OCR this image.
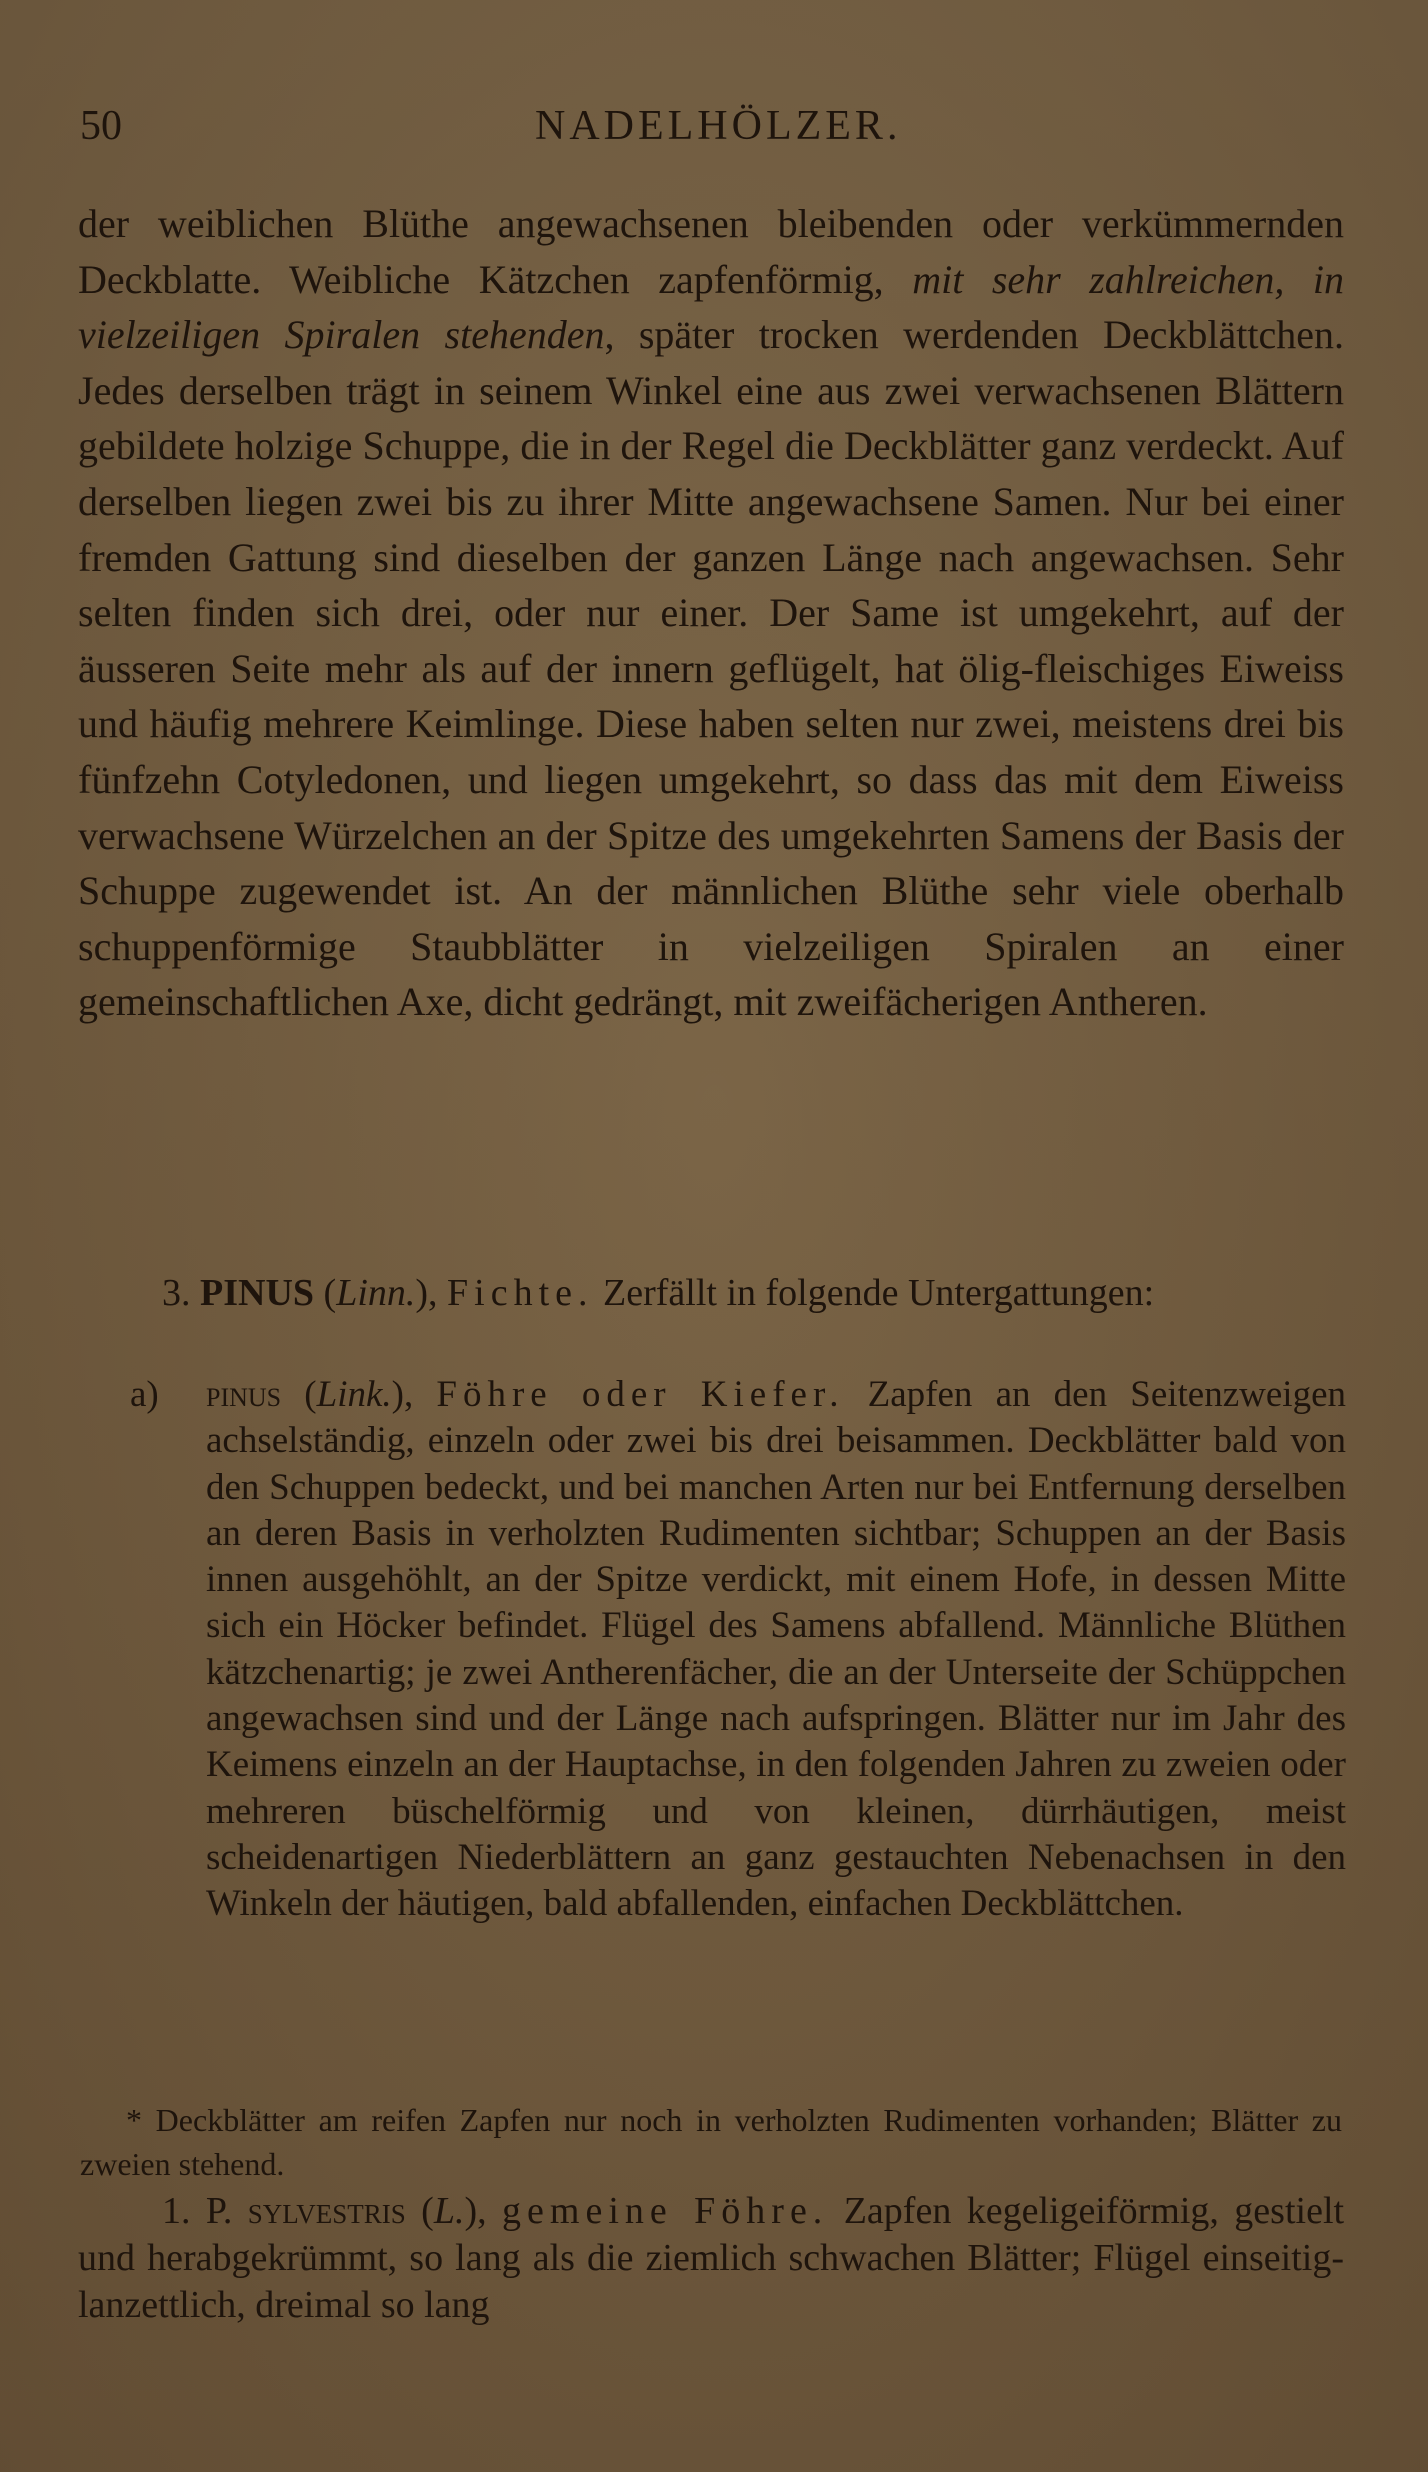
50	NADELHÖLZER.

der weiblichen Blüthe angewachsenen bleibenden oder verkümmernden Deckblatte. Weibliche Kätzchen zapfenförmig, mit sehr zahlreichen, in vielzeiligen Spiralen stehenden, später trocken werdenden Deckblättchen. Jedes derselben trägt in seinem Winkel eine aus zwei verwachsenen Blättern gebildete holzige Schuppe, die in der Regel die Deckblätter ganz verdeckt. Auf derselben liegen zwei bis zu ihrer Mitte angewachsene Samen. Nur bei einer fremden Gattung sind dieselben der ganzen Länge nach angewachsen. Sehr selten finden sich drei, oder nur einer. Der Same ist umgekehrt, auf der äusseren Seite mehr als auf der innern geflügelt, hat ölig-fleischiges Eiweiss und häufig mehrere Keimlinge. Diese haben selten nur zwei, meistens drei bis fünfzehn Cotyledonen, und liegen umgekehrt, so dass das mit dem Eiweiss verwachsene Würzelchen an der Spitze des umgekehrten Samens der Basis der Schuppe zugewendet ist. An der männlichen Blüthe sehr viele oberhalb schuppenförmige Staubblätter in vielzeiligen Spiralen an einer gemeinschaftlichen Axe, dicht gedrängt, mit zweifächerigen Antheren.

3. PINUS (Linn.), Fichte. Zerfällt in folgende Untergattungen:
a) pinus (Link.), Föhre oder Kiefer. Zapfen an den Seitenzweigen achselständig, einzeln oder zwei bis drei beisammen. Deckblätter bald von den Schuppen bedeckt, und bei manchen Arten nur bei Entfernung derselben an deren Basis in verholzten Rudimenten sichtbar; Schuppen an der Basis innen ausgehöhlt, an der Spitze verdickt, mit einem Hofe, in dessen Mitte sich ein Höcker befindet. Flügel des Samens abfallend. Männliche Blüthen kätzchenartig; je zwei Antherenfächer, die an der Unterseite der Schüppchen angewachsen sind und der Länge nach aufspringen. Blätter nur im Jahr des Keimens einzeln an der Hauptachse, in den folgenden Jahren zu zweien oder mehreren büschelförmig und von kleinen, dürrhäutigen, meist scheidenartigen Niederblättern an ganz gestauchten Nebenachsen in den Winkeln der häutigen, bald abfallenden, einfachen Deckblättchen.
* Deckblätter am reifen Zapfen nur noch in verholzten Rudimenten vorhanden; Blätter zu zweien stehend.
1. P. sylvestris (L.), gemeine Föhre. Zapfen kegeligeiförmig, gestielt und herabgekrümmt, so lang als die ziemlich schwachen Blätter; Flügel einseitig-lanzettlich, dreimal so lang
